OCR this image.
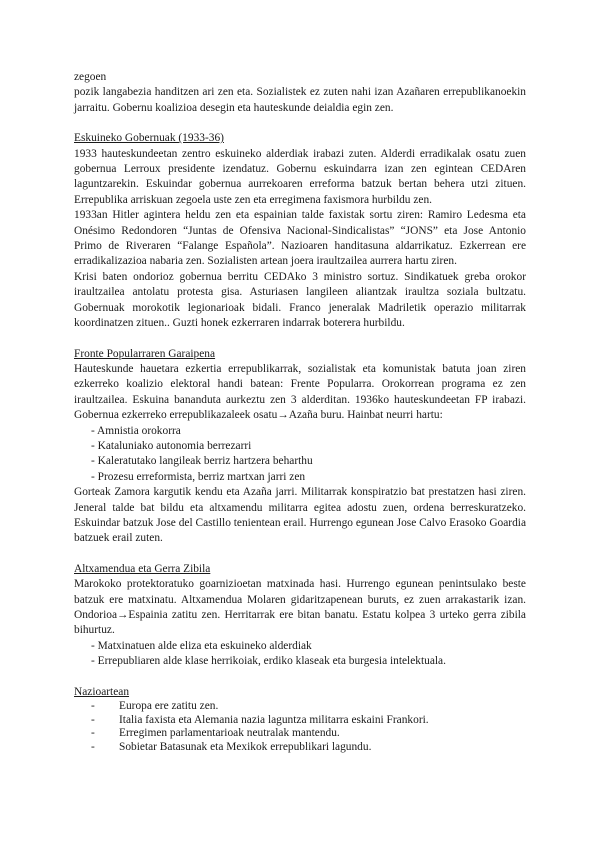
zegoen

pozik langabezia handitzen ari zen eta. Sozialistek ez zuten nahi izan Azañaren errepublikanoekin jarraitu. Gobernu koalizioa desegin eta hauteskunde deialdia egin zen.

Eskuineko Gobernuak (1933-36)

1933 hauteskundeetan zentro eskuineko alderdiak irabazi zuten. Alderdi erradikalak osatu zuen gobernua Lerroux presidente izendatuz. Gobernu eskuindarra izan zen egintean CEDAren laguntzarekin. Eskuindar gobernua aurrekoaren erreforma batzuk bertan behera utzi zituen. Errepublika arriskuan zegoela uste zen eta erregimena faxismora hurbildu zen.

1933an Hitler agintera heldu zen eta espainian talde faxistak sortu ziren: Ramiro Ledesma eta Onésimo Redondoren “Juntas de Ofensiva Nacional-Sindicalistas” “JONS” eta Jose Antonio Primo de Riveraren “Falange Española”. Nazioaren handitasuna aldarrikatuz. Ezkerrean ere erradikalizazioa nabaria zen. Sozialisten artean joera iraultzailea aurrera hartu ziren.

Krisi baten ondorioz gobernua berritu CEDAko 3 ministro sortuz. Sindikatuek greba orokor iraultzailea antolatu protesta gisa. Asturiasen langileen aliantzak iraultza soziala bultzatu. Gobernuak morokotik legionarioak bidali. Franco jeneralak Madriletik operazio militarrak koordinatzen zituen.. Guzti honek ezkerraren indarrak boterera hurbildu.

Fronte Popularraren Garaipena

Hauteskunde hauetara ezkertia errepublikarrak, sozialistak eta komunistak batuta joan ziren ezkerreko koalizio elektoral handi batean: Frente Popularra. Orokorrean programa ez zen iraultzailea. Eskuina bananduta aurkeztu zen 3 alderditan. 1936ko hauteskundeetan FP irabazi. Gobernua ezkerreko errepublikazaleek osatu→Azaña buru. Hainbat neurri hartu:

- Amnistia orokorra
- Kataluniako autonomia berrezarri
- Kaleratutako langileak berriz hartzera beharthu
- Prozesu erreformista, berriz martxan jarri zen

Gorteak Zamora kargutik kendu eta Azaña jarri. Militarrak konspiratzio bat prestatzen hasi ziren. Jeneral talde bat bildu eta altxamendu militarra egitea adostu zuen, ordena berreskuratzeko. Eskuindar batzuk Jose del Castillo tenientean erail. Hurrengo egunean Jose Calvo Erasoko Goardia batzuek erail zuten.

Altxamendua eta Gerra Zibila

Marokoko protektoratuko goarnizioetan matxinada hasi. Hurrengo egunean penintsulako beste batzuk ere matxinatu. Altxamendua Molaren gidaritzapenean buruts, ez zuen arrakastarik izan. Ondorioa→Espainia zatitu zen. Herritarrak ere bitan banatu. Estatu kolpea 3 urteko gerra zibila bihurtuz.

- Matxinatuen alde eliza eta eskuineko alderdiak
- Errepubliaren alde klase herrikoiak, erdiko klaseak eta burgesia intelektuala.
Nazioartean
-	Europa ere zatitu zen.
-	Italia faxista eta Alemania nazia laguntza militarra eskaini Frankori.
-	Erregimen parlamentarioak neutralak mantendu.
-	Sobietar Batasunak eta Mexikok errepublikari lagundu.
